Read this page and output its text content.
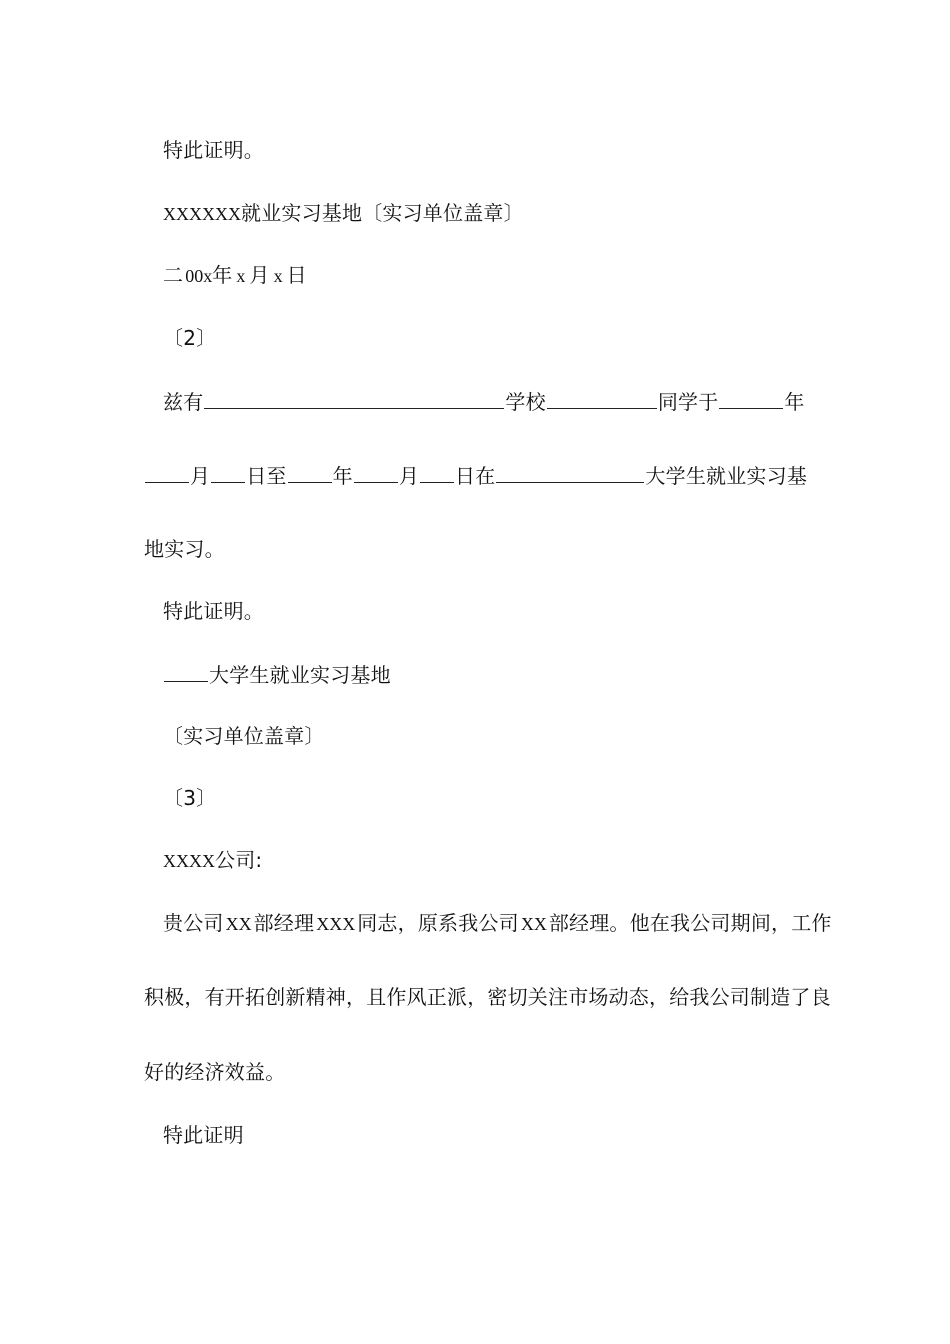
特此证明。
XXXXXX就业实习基地〔实习单位盖章〕
二 00x年 x 月 x 日
〔2〕
兹有	学校	同学于	年
月 日至 年 月 日在	大学生就业实习基
地实习。
特此证明。
大学生就业实习基地
〔实习单位盖章〕
〔3〕
XXXX公司:
贵公司 XX 部经理 XXX 同志，原系我公司 XX 部经理。他在我公司期间，工作
积极，有开拓创新精神，且作风正派，密切关注市场动态，给我公司制造了良
好的经济效益。
特此证明
